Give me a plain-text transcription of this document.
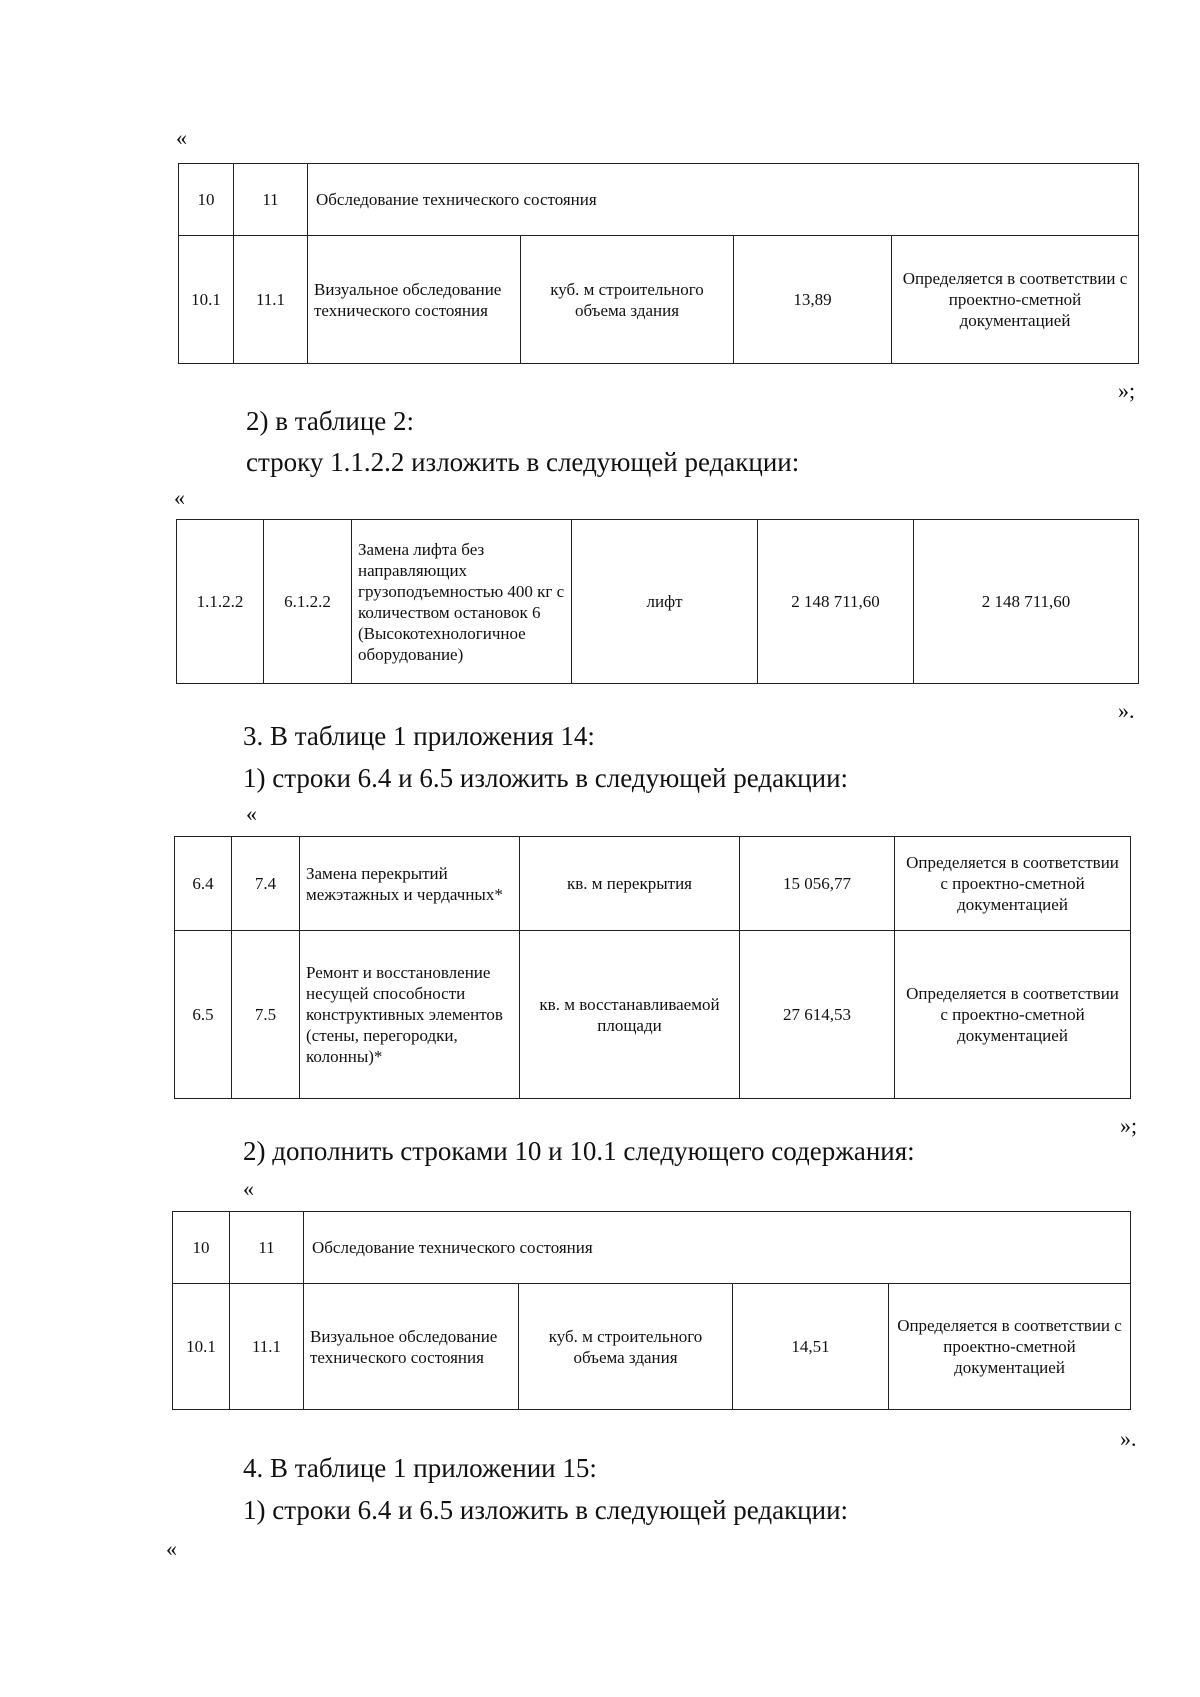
«
10	11	Обследование технического состояния			
10.1	11.1	Визуальное обследование технического состояния	куб. м строительного объема здания	13,89	Определяется в соответствии с проектно-сметной документацией
»;
2) в таблице 2:
строку 1.1.2.2 изложить в следующей редакции:
«
1.1.2.2	6.1.2.2	Замена лифта без направляющих грузоподъемностью 400 кг с количеством остановок 6 (Высокотехнологичное оборудование)	лифт	2 148 711,60	2 148 711,60
».
3. В таблице 1 приложения 14:
1) строки 6.4 и 6.5 изложить в следующей редакции:
«
6.4	7.4	Замена перекрытий межэтажных и чердачных*	кв. м перекрытия	15 056,77	Определяется в соответствии с проектно-сметной документацией
6.5	7.5	Ремонт и восстановление несущей способности конструктивных элементов (стены, перегородки, колонны)*	кв. м восстанавливаемой площади	27 614,53	Определяется в соответствии с проектно-сметной документацией
»;
2) дополнить строками 10 и 10.1 следующего содержания:
«
10	11	Обследование технического состояния			
10.1	11.1	Визуальное обследование технического состояния	куб. м строительного объема здания	14,51	Определяется в соответствии с проектно-сметной документацией
».
4. В таблице 1 приложении 15:
1) строки 6.4 и 6.5 изложить в следующей редакции:
«
